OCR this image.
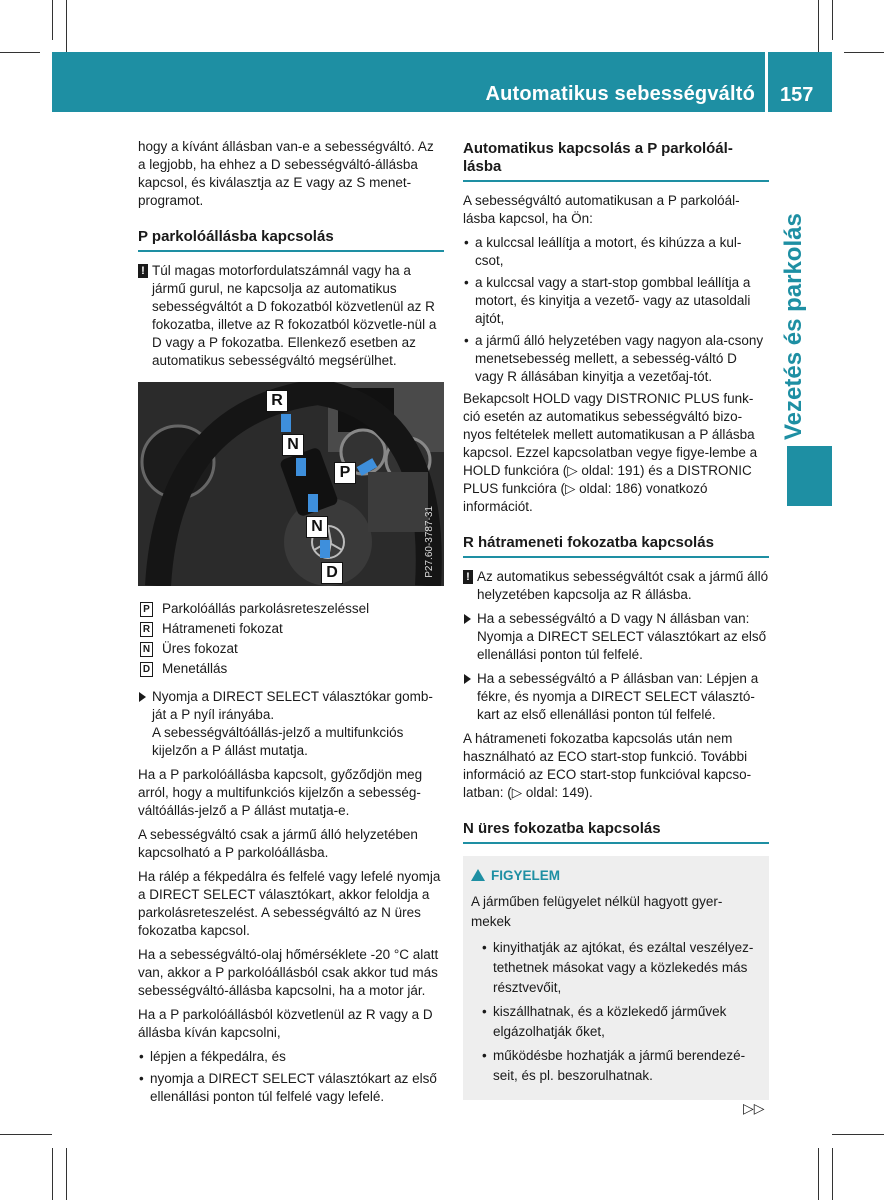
Automatikus sebességváltó 157
Vezetés és parkolás

hogy a kívánt állásban van-e a sebességváltó. Az a legjobb, ha ehhez a D sebességváltó-állásba kapcsol, és kiválasztja az E vagy az S menet-programot.

P parkolóállásba kapcsolás
! Túl magas motorfordulatszámnál vagy ha a jármű gurul, ne kapcsolja az automatikus sebességváltót a D fokozatból közvetlenül az R fokozatba, illetve az R fokozatból közvetle-nül a D vagy a P fokozatba. Ellenkező esetben az automatikus sebességváltó megsérülhet.
R
N
P
N
D	P27.60-3787-31
P Parkolóállás parkolásreteszeléssel
R Hátrameneti fokozat
N Üres fokozat
D Menetállás
Nyomja a DIRECT SELECT választókar gomb-ját a P nyíl irányába.
A sebességváltóállás-jelző a multifunkciós kijelzőn a P állást mutatja.

Ha a P parkolóállásba kapcsolt, győződjön meg arról, hogy a multifunkciós kijelzőn a sebesség-váltóállás-jelző a P állást mutatja-e.

A sebességváltó csak a jármű álló helyzetében kapcsolható a P parkolóállásba.

Ha rálép a fékpedálra és felfelé vagy lefelé nyomja a DIRECT SELECT választókart, akkor feloldja a parkolásreteszelést. A sebességváltó az N üres fokozatba kapcsol.

Ha a sebességváltó-olaj hőmérséklete -20 °C alatt van, akkor a P parkolóállásból csak akkor tud más sebességváltó-állásba kapcsolni, ha a motor jár.

Ha a P parkolóállásból közvetlenül az R vagy a D állásba kíván kapcsolni,

• lépjen a fékpedálra, és
• nyomja a DIRECT SELECT választókart az első ellenállási ponton túl felfelé vagy lefelé.
Automatikus kapcsolás a P parkolóál-lásba

A sebességváltó automatikusan a P parkolóál-lásba kapcsol, ha Ön:

• a kulccsal leállítja a motort, és kihúzza a kul-csot,
• a kulccsal vagy a start-stop gombbal leállítja a motort, és kinyitja a vezető- vagy az utasoldali ajtót,
• a jármű álló helyzetében vagy nagyon ala-csony menetsebesség mellett, a sebesség-váltó D vagy R állásában kinyitja a vezetőaj-tót.

Bekapcsolt HOLD vagy DISTRONIC PLUS funk-ció esetén az automatikus sebességváltó bizo-nyos feltételek mellett automatikusan a P állásba kapcsol. Ezzel kapcsolatban vegye figye-lembe a HOLD funkcióra (▷ oldal: 191) és a DISTRONIC PLUS funkcióra (▷ oldal: 186) vonatkozó információt.

R hátrameneti fokozatba kapcsolás
! Az automatikus sebességváltót csak a jármű álló helyzetében kapcsolja az R állásba.
Ha a sebességváltó a D vagy N állásban van: Nyomja a DIRECT SELECT választókart az első ellenállási ponton túl felfelé.
Ha a sebességváltó a P állásban van: Lépjen a fékre, és nyomja a DIRECT SELECT választó-kart az első ellenállási ponton túl felfelé.

A hátrameneti fokozatba kapcsolás után nem használható az ECO start-stop funkció. További információ az ECO start-stop funkcióval kapcso-latban: (▷ oldal: 149).

N üres fokozatba kapcsolás
FIGYELEM
A járműben felügyelet nélkül hagyott gyer-mekek
• kinyithatják az ajtókat, és ezáltal veszélyez-tethetnek másokat vagy a közlekedés más résztvevőit,
• kiszállhatnak, és a közlekedő járművek elgázolhatják őket,
• működésbe hozhatják a jármű berendezé-seit, és pl. beszorulhatnak.
▷▷
